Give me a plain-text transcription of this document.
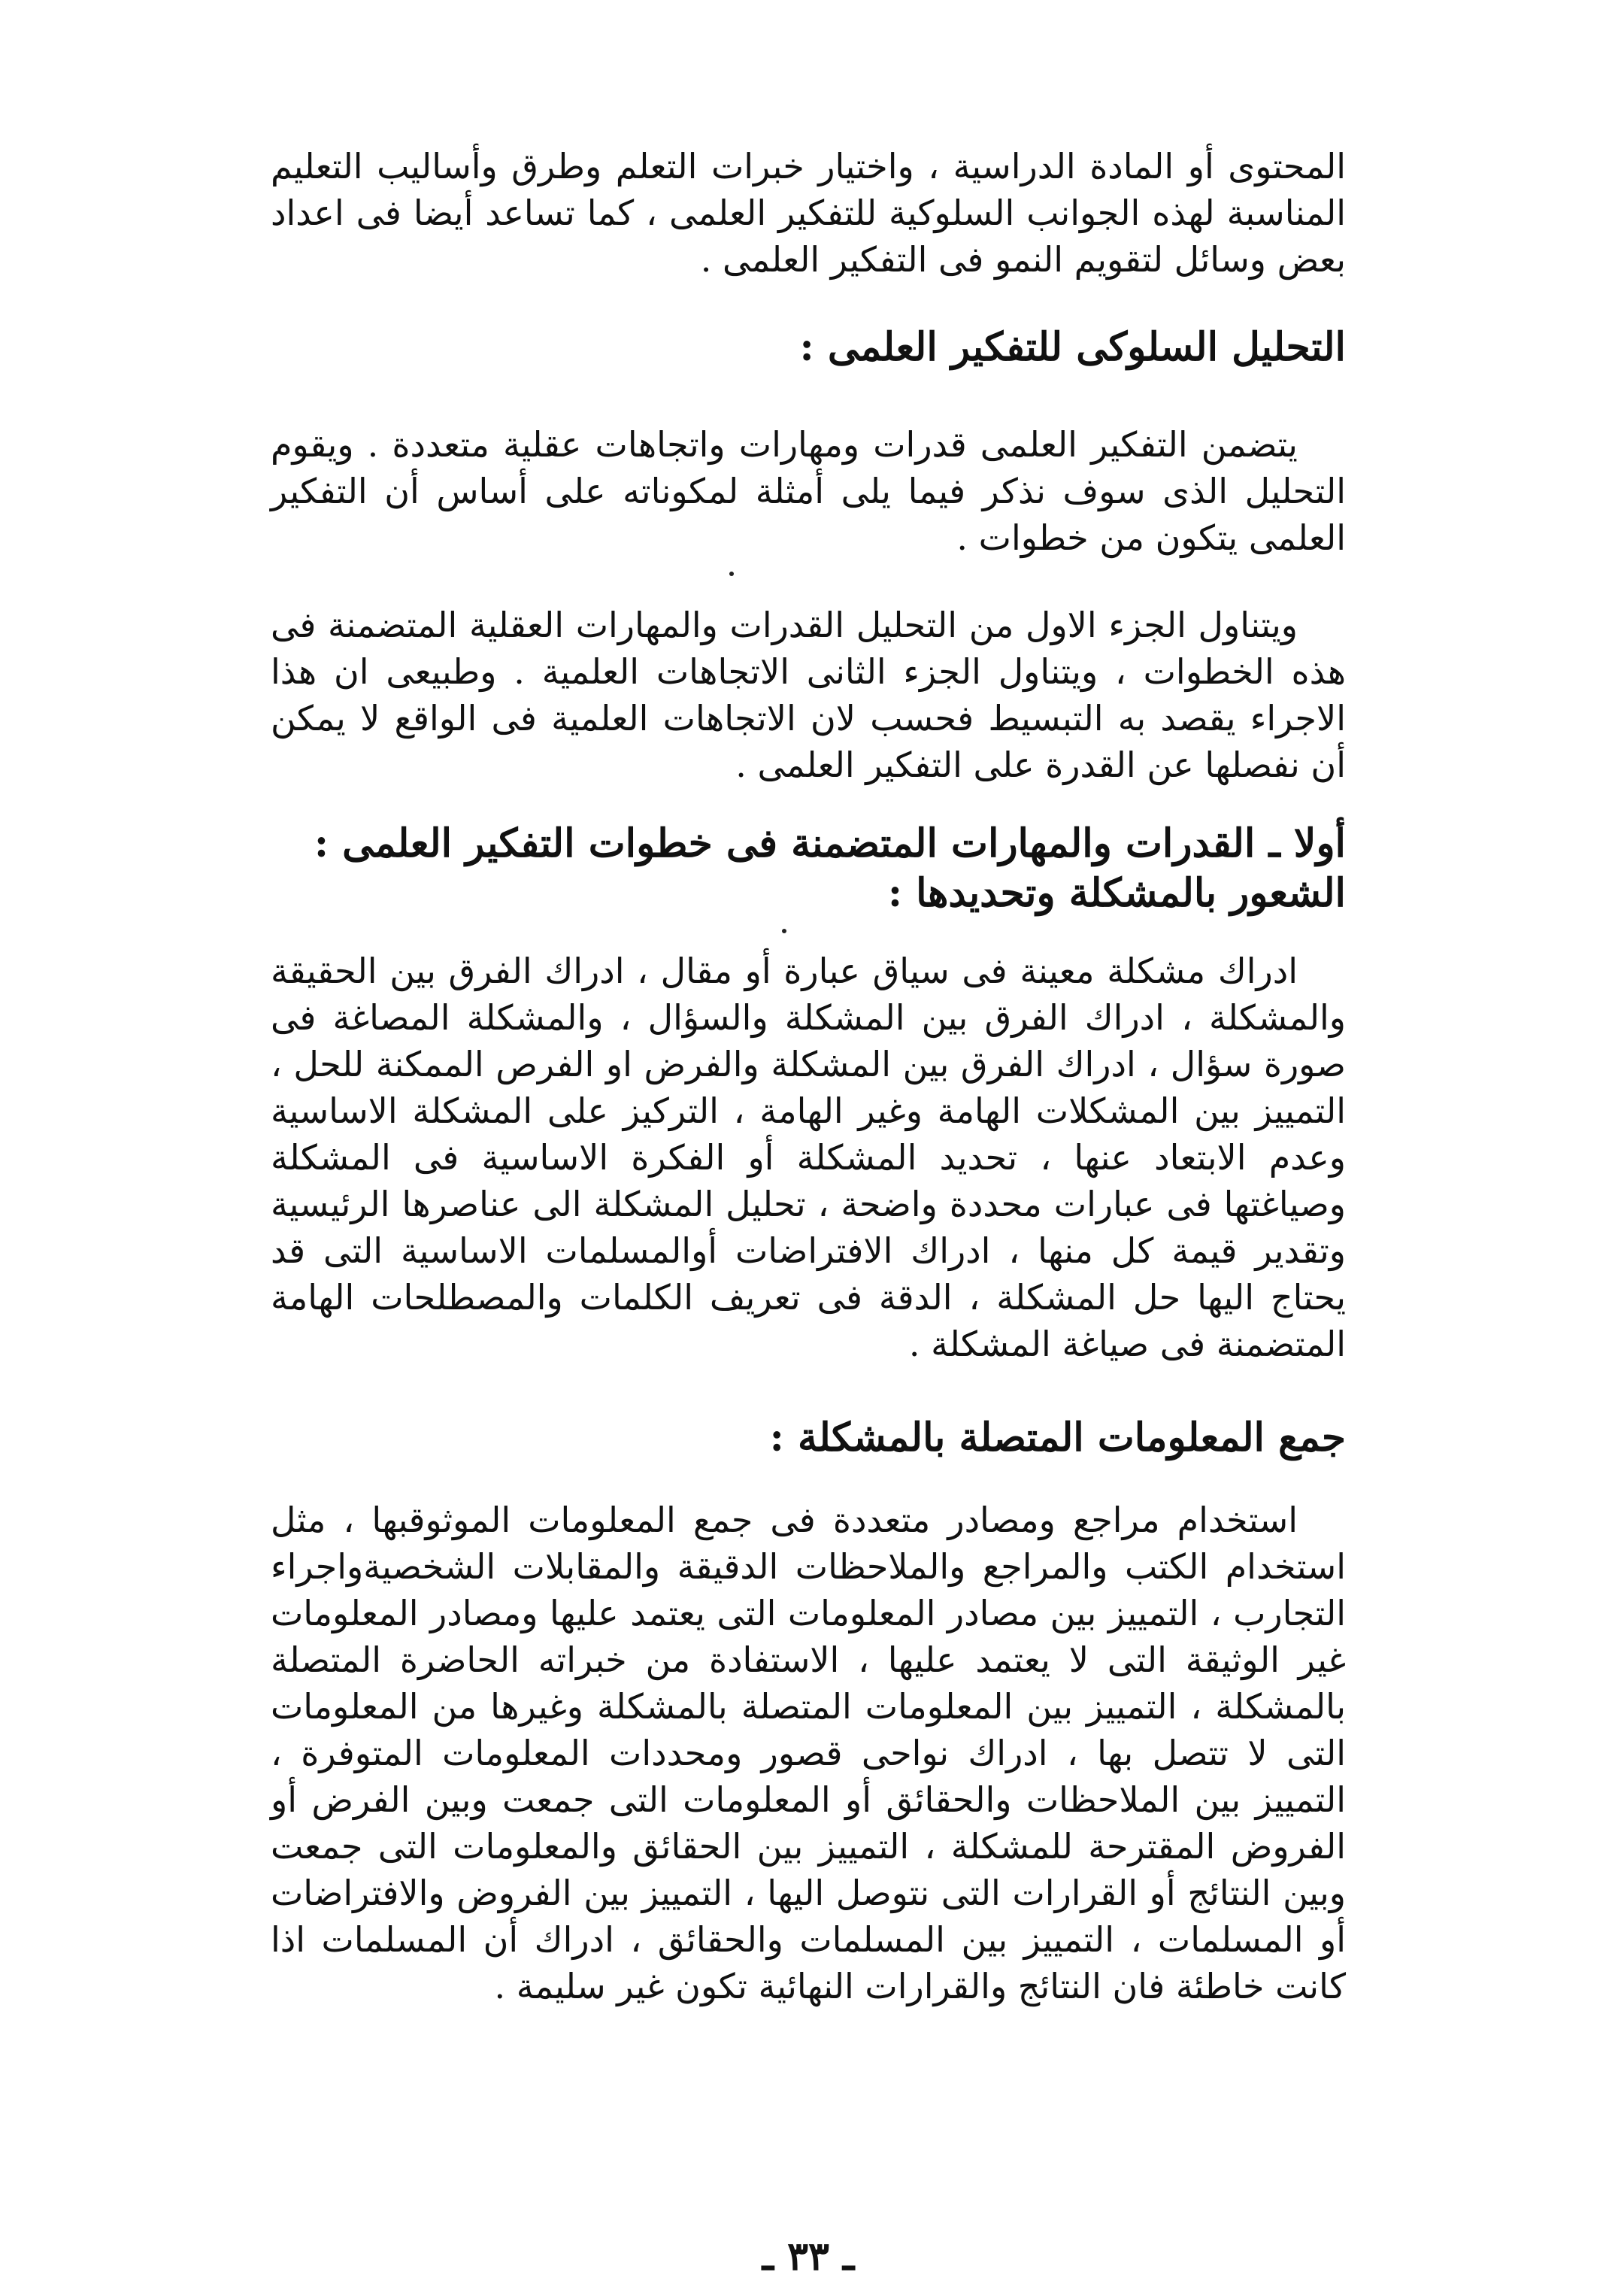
المحتوى أو المادة الدراسية ، واختيار خبرات التعلم وطرق وأساليب التعليم المناسبة لهذه الجوانب السلوكية للتفكير العلمى ، كما تساعد أيضا فى اعداد بعض وسائل لتقويم النمو فى التفكير العلمى .

التحليل السلوكى للتفكير العلمى :

يتضمن التفكير العلمى قدرات ومهارات واتجاهات عقلية متعددة . ويقوم التحليل الذى سوف نذكر فيما يلى أمثلة لمكوناته على أساس أن التفكير العلمى يتكون من خطوات .

ويتناول الجزء الاول من التحليل القدرات والمهارات العقلية المتضمنة فى هذه الخطوات ، ويتناول الجزء الثانى الاتجاهات العلمية . وطبيعى ان هذا الاجراء يقصد به التبسيط فحسب لان الاتجاهات العلمية فى الواقع لا يمكن أن نفصلها عن القدرة على التفكير العلمى .

أولا ـ القدرات والمهارات المتضمنة فى خطوات التفكير العلمى :
الشعور بالمشكلة وتحديدها :

ادراك مشكلة معينة فى سياق عبارة أو مقال ، ادراك الفرق بين الحقيقة والمشكلة ، ادراك الفرق بين المشكلة والسؤال ، والمشكلة المصاغة فى صورة سؤال ، ادراك الفرق بين المشكلة والفرض او الفرص الممكنة للحل ، التمييز بين المشكلات الهامة وغير الهامة ، التركيز على المشكلة الاساسية وعدم الابتعاد عنها ، تحديد المشكلة أو الفكرة الاساسية فى المشكلة وصياغتها فى عبارات محددة واضحة ، تحليل المشكلة الى عناصرها الرئيسية وتقدير قيمة كل منها ، ادراك الافتراضات أوالمسلمات الاساسية التى قد يحتاج اليها حل المشكلة ، الدقة فى تعريف الكلمات والمصطلحات الهامة المتضمنة فى صياغة المشكلة .

جمع المعلومات المتصلة بالمشكلة :

استخدام مراجع ومصادر متعددة فى جمع المعلومات الموثوقبها ، مثل استخدام الكتب والمراجع والملاحظات الدقيقة والمقابلات الشخصيةواجراء التجارب ، التمييز بين مصادر المعلومات التى يعتمد عليها ومصادر المعلومات غير الوثيقة التى لا يعتمد عليها ، الاستفادة من خبراته الحاضرة المتصلة بالمشكلة ، التمييز بين المعلومات المتصلة بالمشكلة وغيرها من المعلومات التى لا تتصل بها ، ادراك نواحى قصور ومحددات المعلومات المتوفرة ، التمييز بين الملاحظات والحقائق أو المعلومات التى جمعت وبين الفرض أو الفروض المقترحة للمشكلة ، التمييز بين الحقائق والمعلومات التى جمعت وبين النتائج أو القرارات التى نتوصل اليها ، التمييز بين الفروض والافتراضات أو المسلمات ، التمييز بين المسلمات والحقائق ، ادراك أن المسلمات اذا كانت خاطئة فان النتائج والقرارات النهائية تكون غير سليمة .

ـ ٣٣ ـ
